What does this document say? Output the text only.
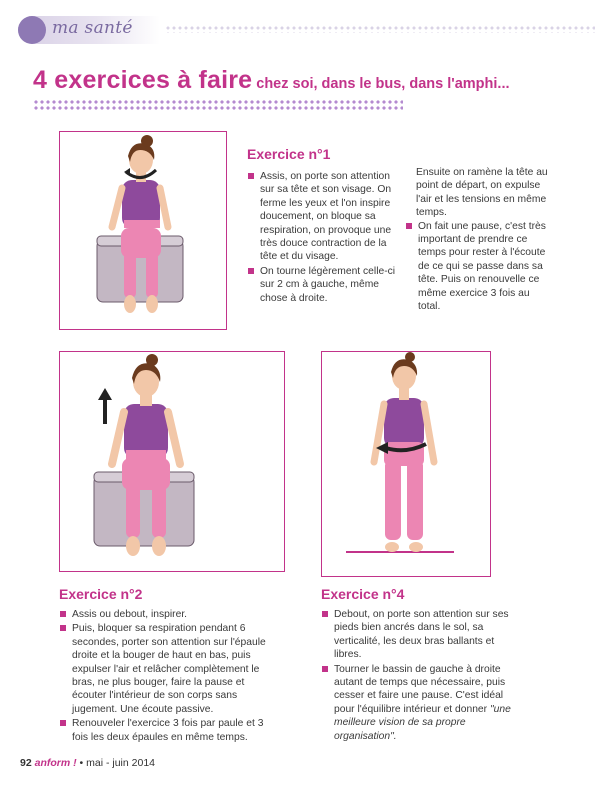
ma santé
4 exercices à faire chez soi, dans le bus, dans l'amphi...
Exercice n°1
Assis, on porte son attention sur sa tête et son visage. On ferme les yeux et l'on inspire doucement, on bloque sa respiration, on provoque une très douce contraction de la tête et du visage.
On tourne légèrement celle-ci sur 2 cm à gauche, même chose à droite.

Ensuite on ramène la tête au point de départ, on expulse l'air et les tensions en même temps.

On fait une pause, c'est très important de prendre ce temps pour rester à l'écoute de ce qui se passe dans sa tête. Puis on renouvelle ce même exercice 3 fois au total.
Exercice n°2
Assis ou debout, inspirer.
Puis, bloquer sa respiration pendant 6 secondes, porter son attention sur l'épaule droite et la bouger de haut en bas, puis expulser l'air et relâcher complètement le bras, ne plus bouger, faire la pause et écouter l'intérieur de son corps sans jugement. Une écoute passive.
Renouveler l'exercice 3 fois par paule et 3 fois les deux épaules en même temps.
Exercice n°4
Debout, on porte son attention sur ses pieds bien ancrés dans le sol, sa verticalité, les deux bras ballants et libres.
Tourner le bassin de gauche à droite autant de temps que nécessaire, puis cesser et faire une pause. C'est idéal pour l'équilibre intérieur et donner "une meilleure vision de sa propre organisation".
92 anform ! • mai - juin 2014
